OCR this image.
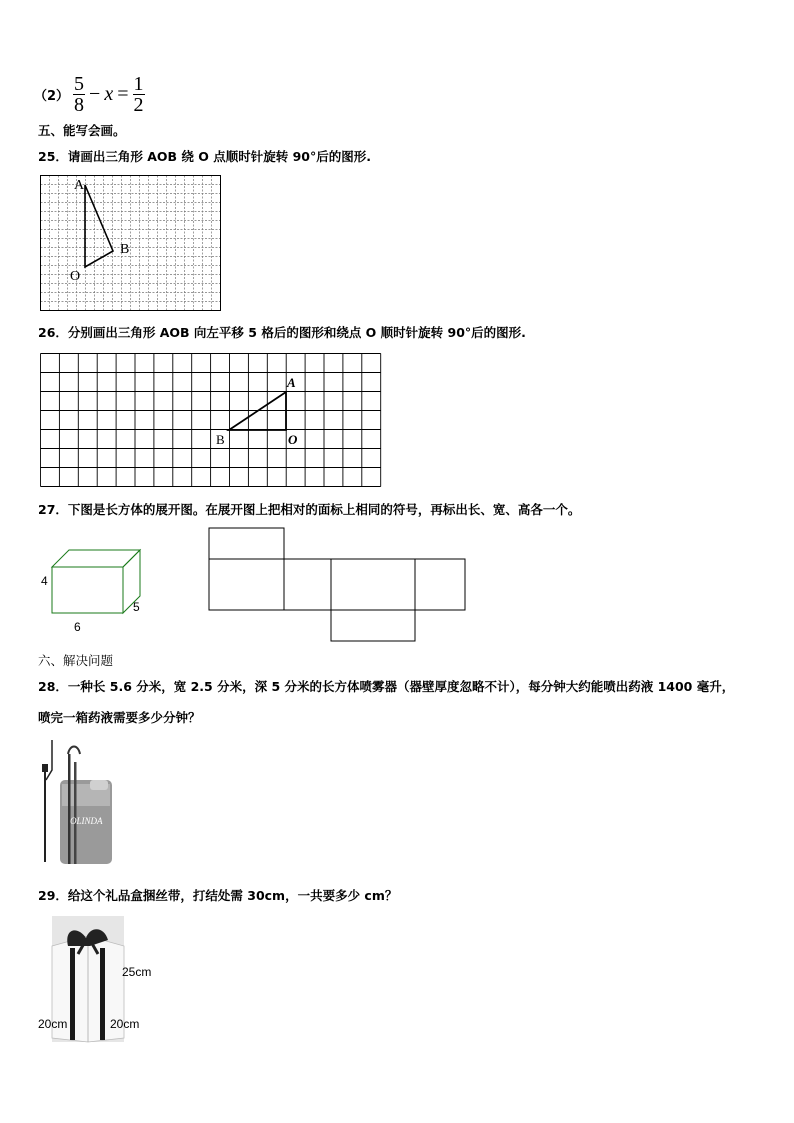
$(2) \frac{5}{8} - x = \frac{1}{2}$
五、能写会画。
25．请画出三角形 AOB 绕 O 点顺时针旋转 90°后的图形.
A
B
O
26．分别画出三角形 AOB 向左平移 5 格后的图形和绕点 O 顺时针旋转 90°后的图形.
A
B	O
27．下图是长方体的展开图。在展开图上把相对的面标上相同的符号，再标出长、宽、高各一个。
4
5
6
六、解决问题
28．一种长 5.6 分米，宽 2.5 分米，深 5 分米的长方体喷雾器（器壁厚度忽略不计），每分钟大约能喷出药液 1400 毫升，
喷完一箱药液需要多少分钟？
OLINDA
29．给这个礼品盒捆丝带，打结处需 30cm，一共要多少 cm？
25cm
20cm	20cm
